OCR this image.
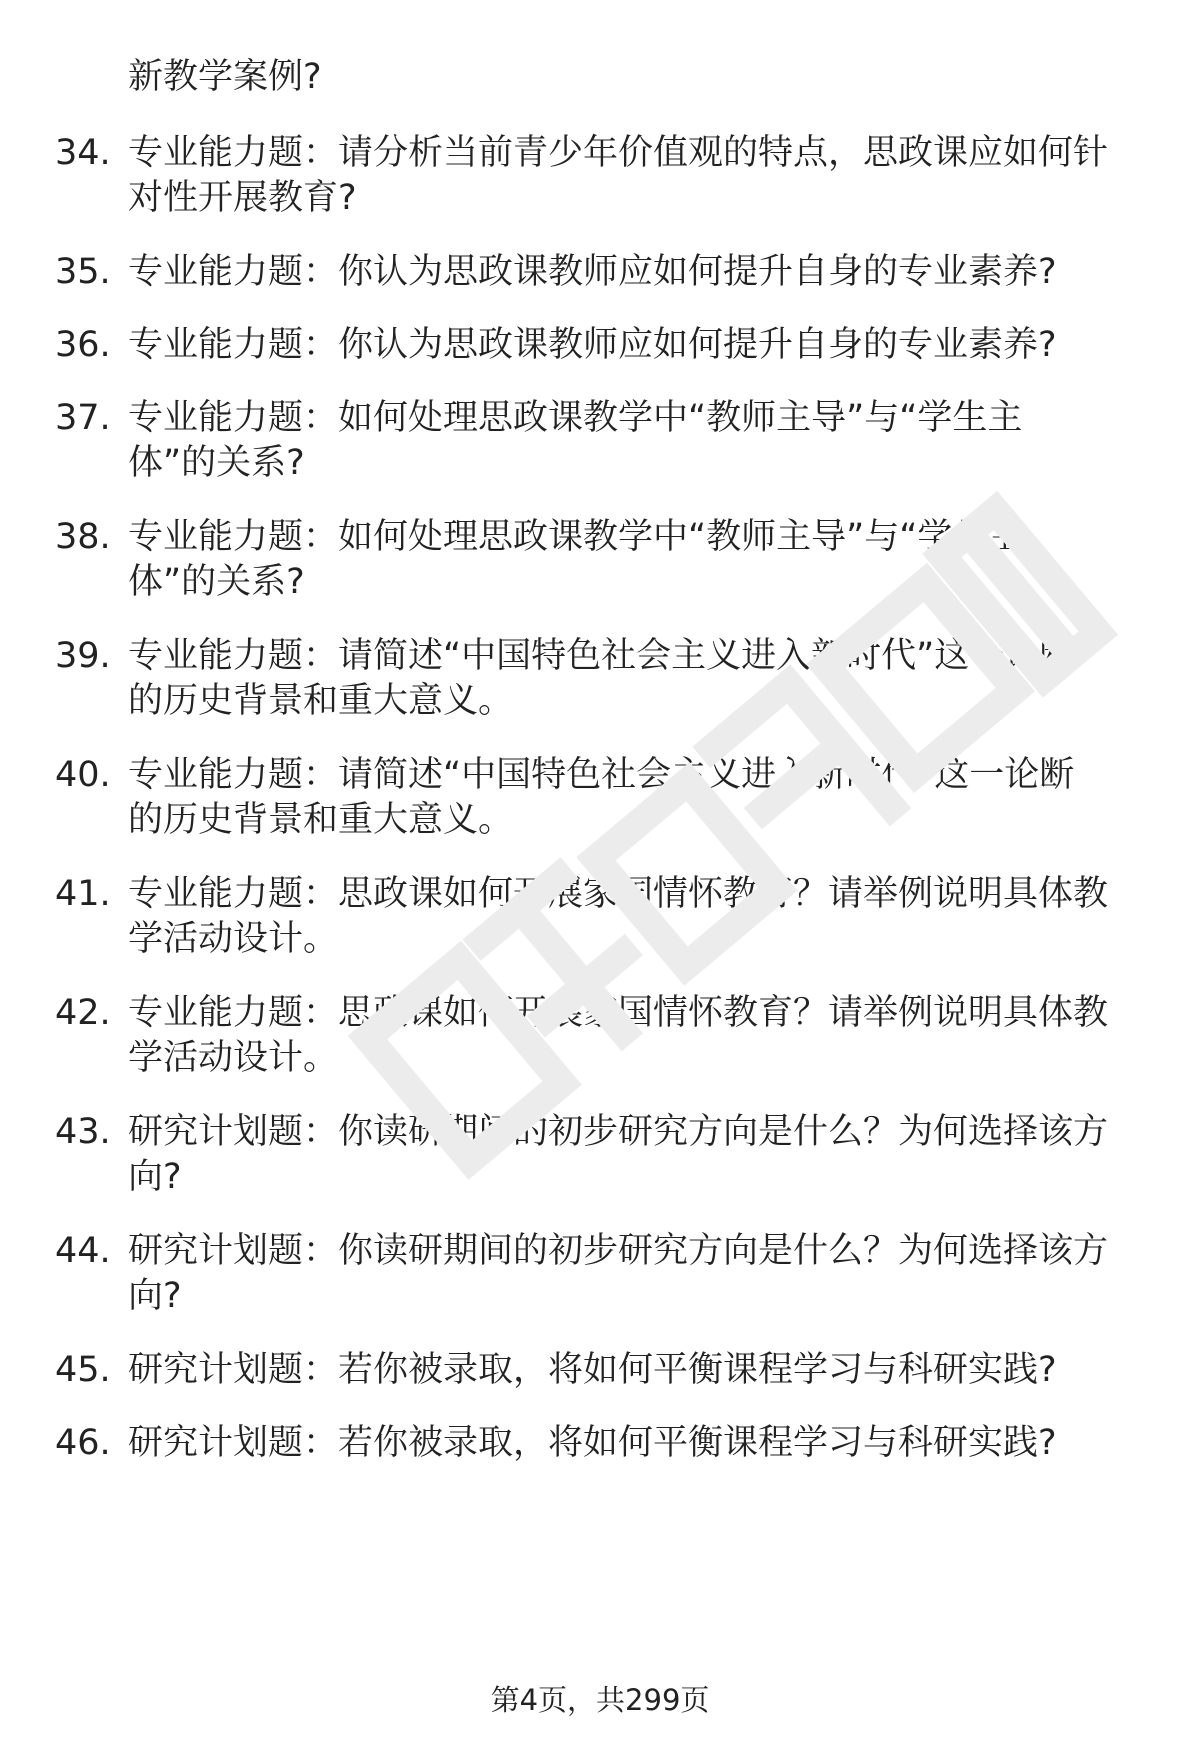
新教学案例?
34. 专业能力题：请分析当前青少年价值观的特点，思政课应如何针
对性开展教育?
35. 专业能力题：你认为思政课教师应如何提升自身的专业素养?
36. 专业能力题：你认为思政课教师应如何提升自身的专业素养?
37. 专业能力题：如何处理思政课教学中“教师主导”与“学生主
体”的关系?
38. 专业能力题：如何处理思政课教学中“教师主导”与“学生主
体”的关系?
39. 专业能力题：请简述“中国特色社会主义进入新时代”这一论断
的历史背景和重大意义。
40. 专业能力题：请简述“中国特色社会主义进入新时代”这一论断
的历史背景和重大意义。
41. 专业能力题：思政课如何开展家国情怀教育？请举例说明具体教
学活动设计。
42. 专业能力题：思政课如何开展家国情怀教育？请举例说明具体教
学活动设计。
43. 研究计划题：你读研期间的初步研究方向是什么？为何选择该方
向?
44. 研究计划题：你读研期间的初步研究方向是什么？为何选择该方
向?
45. 研究计划题：若你被录取，将如何平衡课程学习与科研实践?
46. 研究计划题：若你被录取，将如何平衡课程学习与科研实践?
第4页，共299页
